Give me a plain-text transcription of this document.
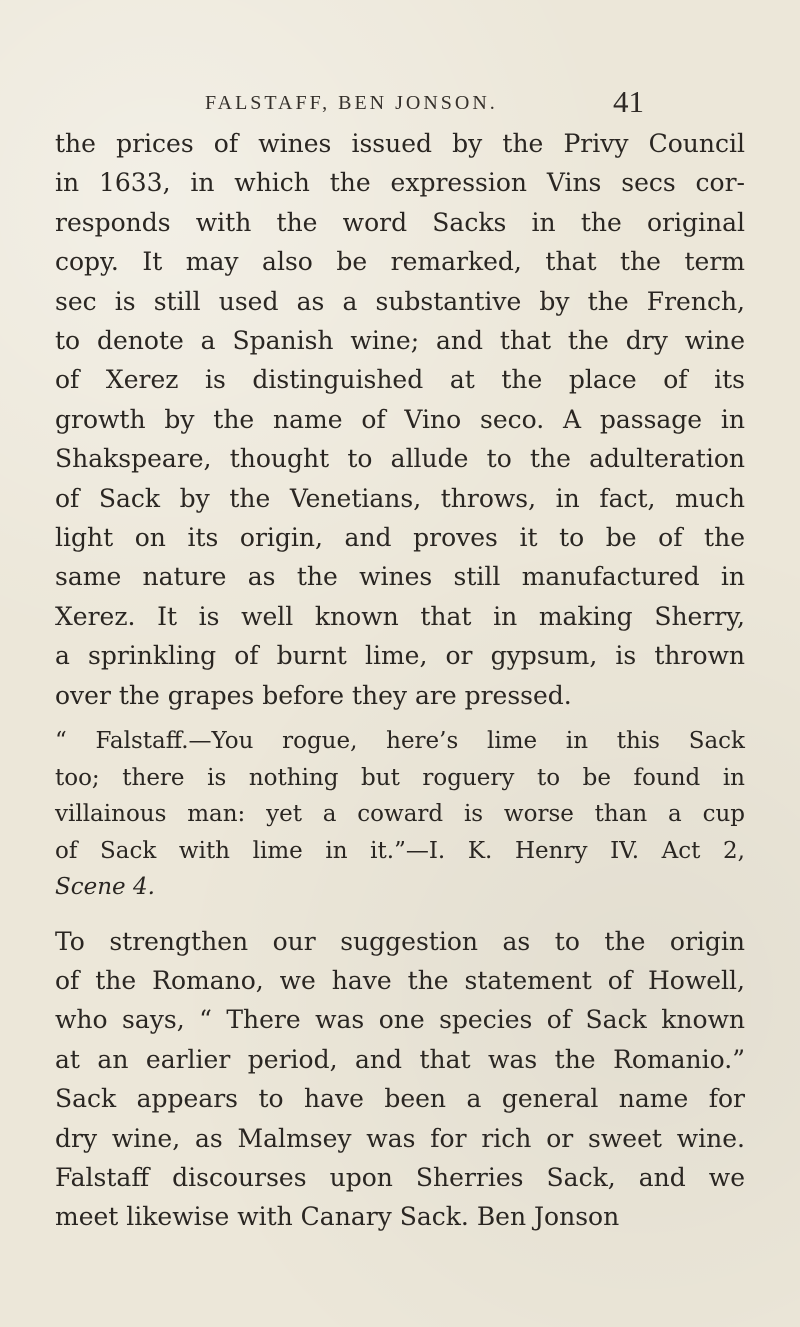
FALSTAFF, BEN JONSON.	41
the prices of wines issued by the Privy Council
in 1633, in which the expression Vins secs cor-
responds with the word Sacks in the original
copy. It may also be remarked, that the term
sec is still used as a substantive by the French,
to denote a Spanish wine; and that the dry wine
of Xerez is distinguished at the place of its
growth by the name of Vino seco. A passage in
Shakspeare, thought to allude to the adulteration
of Sack by the Venetians, throws, in fact, much
light on its origin, and proves it to be of the
same nature as the wines still manufactured in
Xerez. It is well known that in making Sherry,
a sprinkling of burnt lime, or gypsum, is thrown
over the grapes before they are pressed.
“ Falstaff.—You rogue, here’s lime in this Sack
too; there is nothing but roguery to be found in
villainous man: yet a coward is worse than a cup
of Sack with lime in it.”—I. K. Henry IV. Act 2,
Scene 4.
To strengthen our suggestion as to the origin
of the Romano, we have the statement of Howell,
who says, “ There was one species of Sack known
at an earlier period, and that was the Romanio.”
Sack appears to have been a general name for
dry wine, as Malmsey was for rich or sweet wine.
Falstaff discourses upon Sherries Sack, and we
meet likewise with Canary Sack. Ben Jonson
